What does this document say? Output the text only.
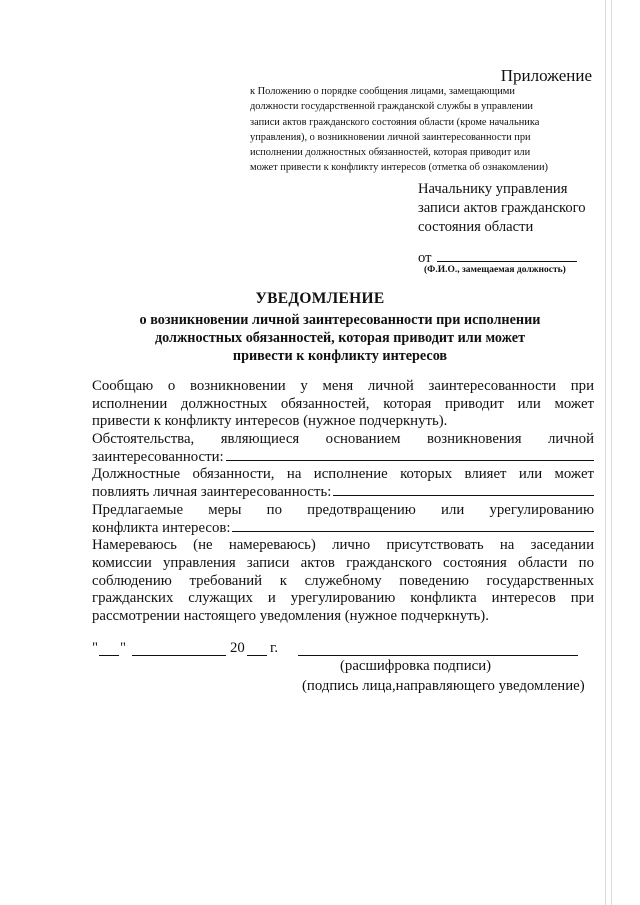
Приложение
к Положению о порядке сообщения лицами, замещающими
должности государственной гражданской службы в управлении
записи актов гражданского состояния области (кроме начальника
управления), о возникновении личной заинтересованности при
исполнении должностных обязанностей, которая приводит или
может привести к конфликту интересов (отметка об ознакомлении)
Начальнику управления
записи актов гражданского
состояния области
от
(Ф.И.О., замещаемая должность)
УВЕДОМЛЕНИЕ
о возникновении личной заинтересованности при исполнении
должностных обязанностей, которая приводит или может
привести к конфликту интересов
Сообщаю о возникновении у меня личной заинтересованности при
исполнении должностных обязанностей, которая приводит или может
привести к конфликту интересов (нужное подчеркнуть).
Обстоятельства, являющиеся основанием возникновения личной
заинтересованности:
Должностные обязанности, на исполнение которых влияет или может
повлиять личная заинтересованность:
Предлагаемые меры по предотвращению или урегулированию
конфликта интересов:
Намереваюсь (не намереваюсь) лично присутствовать на заседании
комиссии управления записи актов гражданского состояния области по
соблюдению требований к служебному поведению государственных
гражданских служащих и урегулированию конфликта интересов при
рассмотрении настоящего уведомления (нужное подчеркнуть).
" "	20 г.
(расшифровка подписи)
(подпись лица,направляющего уведомление)
